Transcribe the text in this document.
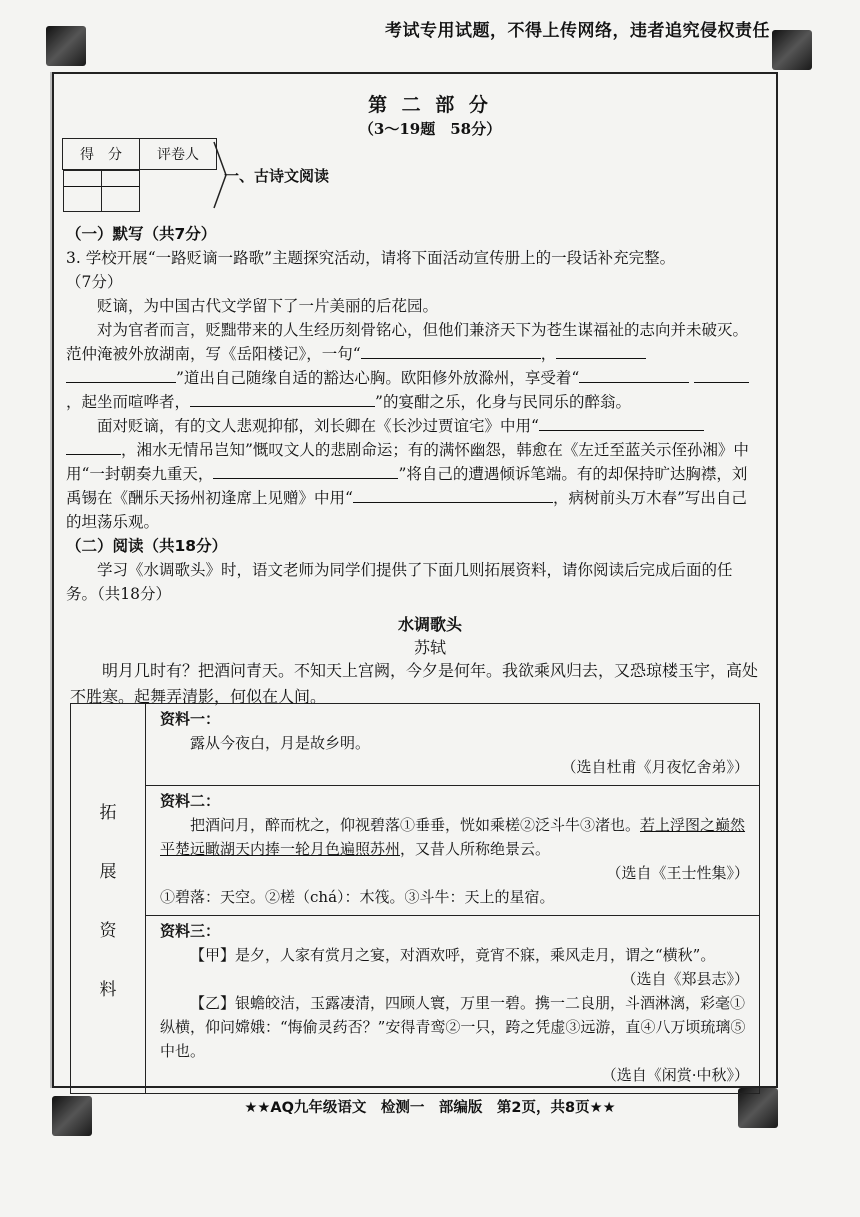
考试专用试题，不得上传网络，违者追究侵权责任
第 二 部 分
（3～19题　58分）
得　分	评卷人

一、古诗文阅读

（一）默写（共7分）

3. 学校开展“一路贬谪一路歌”主题探究活动，请将下面活动宣传册上的一段话补充完整。
（7分）

贬谪，为中国古代文学留下了一片美丽的后花园。

对为官者而言，贬黜带来的人生经历刻骨铭心，但他们兼济天下为苍生谋福祉的志向并未破灭。范仲淹被外放湖南，写《岳阳楼记》，一句“	， ”道出自己随缘自适的豁达心胸。欧阳修外放滁州，享受着“ ，起坐而喧哗者，	”的宴酣之乐，化身与民同乐的醉翁。

面对贬谪，有的文人悲观抑郁，刘长卿在《长沙过贾谊宅》中用“ ，湘水无情吊岂知”慨叹文人的悲剧命运；有的满怀幽怨，韩愈在《左迁至蓝关示侄孙湘》中用“一封朝奏九重天，	”将自己的遭遇倾诉笔端。有的却保持旷达胸襟，刘禹锡在《酬乐天扬州初逢席上见赠》中用“	，病树前头万木春”写出自己的坦荡乐观。

（二）阅读（共18分）

学习《水调歌头》时，语文老师为同学们提供了下面几则拓展资料，请你阅读后完成后面的任务。（共18分）

水调歌头
苏轼
明月几时有？把酒问青天。不知天上宫阙，今夕是何年。我欲乘风归去，又恐琼楼玉宇，高处不胜寒。起舞弄清影，何似在人间。
拓
展
资
料

资料一：
露从今夜白，月是故乡明。
（选自杜甫《月夜忆舍弟》）

资料二：
把酒问月，醉而枕之，仰视碧落①垂垂，恍如乘槎②泛斗牛③渚也。若上浮图之巅然平楚远瞰湖天内捧一轮月色遍照苏州，又昔人所称绝景云。
（选自《王士性集》）
①碧落：天空。②槎（chá）：木筏。③斗牛：天上的星宿。

资料三：
【甲】是夕，人家有赏月之宴，对酒欢呼，竟宵不寐，乘风走月，谓之“横秋”。
（选自《郑县志》）
【乙】银蟾皎洁，玉露凄清，四顾人寰，万里一碧。携一二良朋，斗酒淋漓，彩毫①纵横，仰问嫦娥：“悔偷灵药否？”安得青鸾②一只，跨之凭虚③远游，直④八万顷琉璃⑤中也。
（选自《闲赏·中秋》）
★★AQ九年级语文　检测一　部编版　第2页，共8页★★
